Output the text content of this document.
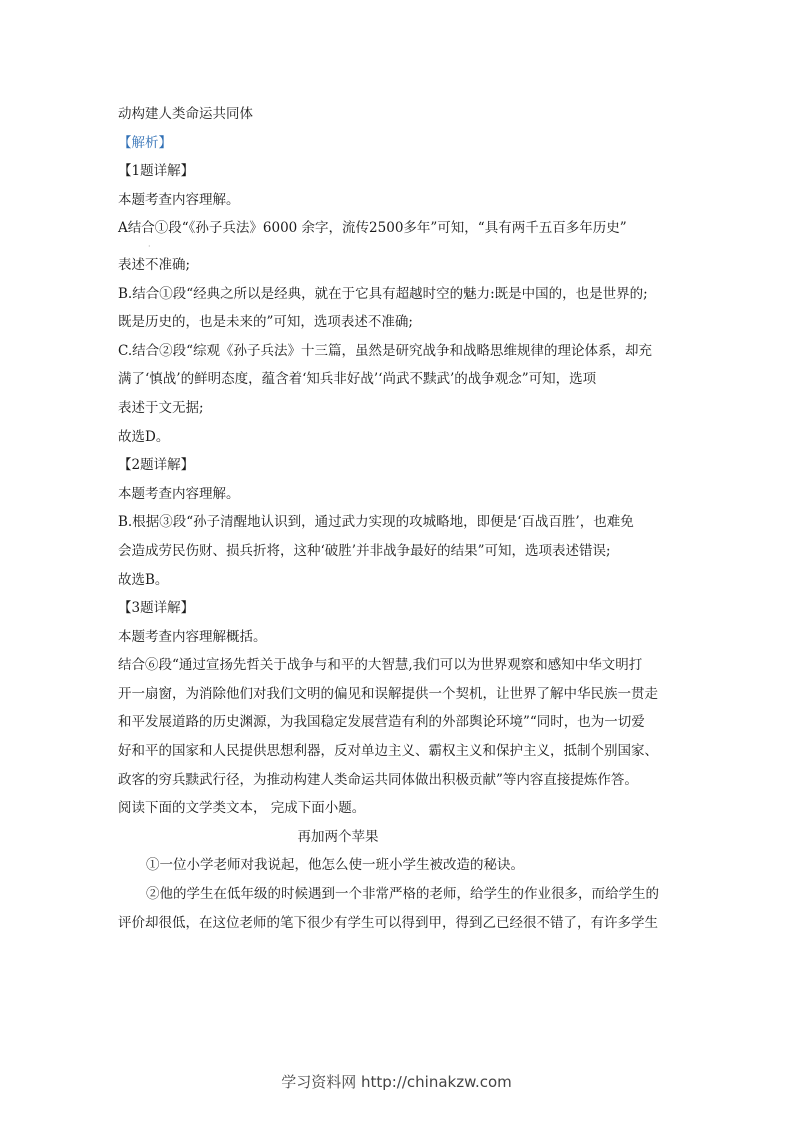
动构建人类命运共同体
【解析】
【1题详解】
本题考查内容理解。
A结合①段“《孙子兵法》6000 余字，流传2500多年”可知，“具有两千五百多年历史”
·
表述不准确;
B.结合①段“经典之所以是经典，就在于它具有超越时空的魅力:既是中国的，也是世界的;
既是历史的，也是未来的”可知，选项表述不准确;
C.结合②段“综观《孙子兵法》十三篇，虽然是研究战争和战略思维规律的理论体系，却充
满了‘慎战’的鲜明态度，蕴含着‘知兵非好战’‘尚武不黩武’的战争观念”可知，选项
表述于文无据;
故选D。
【2题详解】
本题考查内容理解。
B.根据③段“孙子清醒地认识到，通过武力实现的攻城略地，即便是‘百战百胜’，也难免
会造成劳民伤财、损兵折将，这种‘破胜’并非战争最好的结果”可知，选项表述错误;
故选B。
【3题详解】
本题考查内容理解概括。
结合⑥段“通过宣扬先哲关于战争与和平的大智慧,我们可以为世界观察和感知中华文明打
开一扇窗，为消除他们对我们文明的偏见和误解提供一个契机，让世界了解中华民族一贯走
和平发展道路的历史渊源，为我国稳定发展营造有利的外部舆论环境”“同时，也为一切爱
好和平的国家和人民提供思想利器，反对单边主义、霸权主义和保护主义，抵制个别国家、
政客的穷兵黩武行径，为推动构建人类命运共同体做出积极贡献”等内容直接提炼作答。
阅读下面的文学类文本， 完成下面小题。
再加两个苹果
①一位小学老师对我说起，他怎么使一班小学生被改造的秘诀。
②他的学生在低年级的时候遇到一个非常严格的老师，给学生的作业很多，而给学生的
评价却很低，在这位老师的笔下很少有学生可以得到甲，得到乙已经很不错了，有许多学生
学习资料网 http://chinakzw.com
